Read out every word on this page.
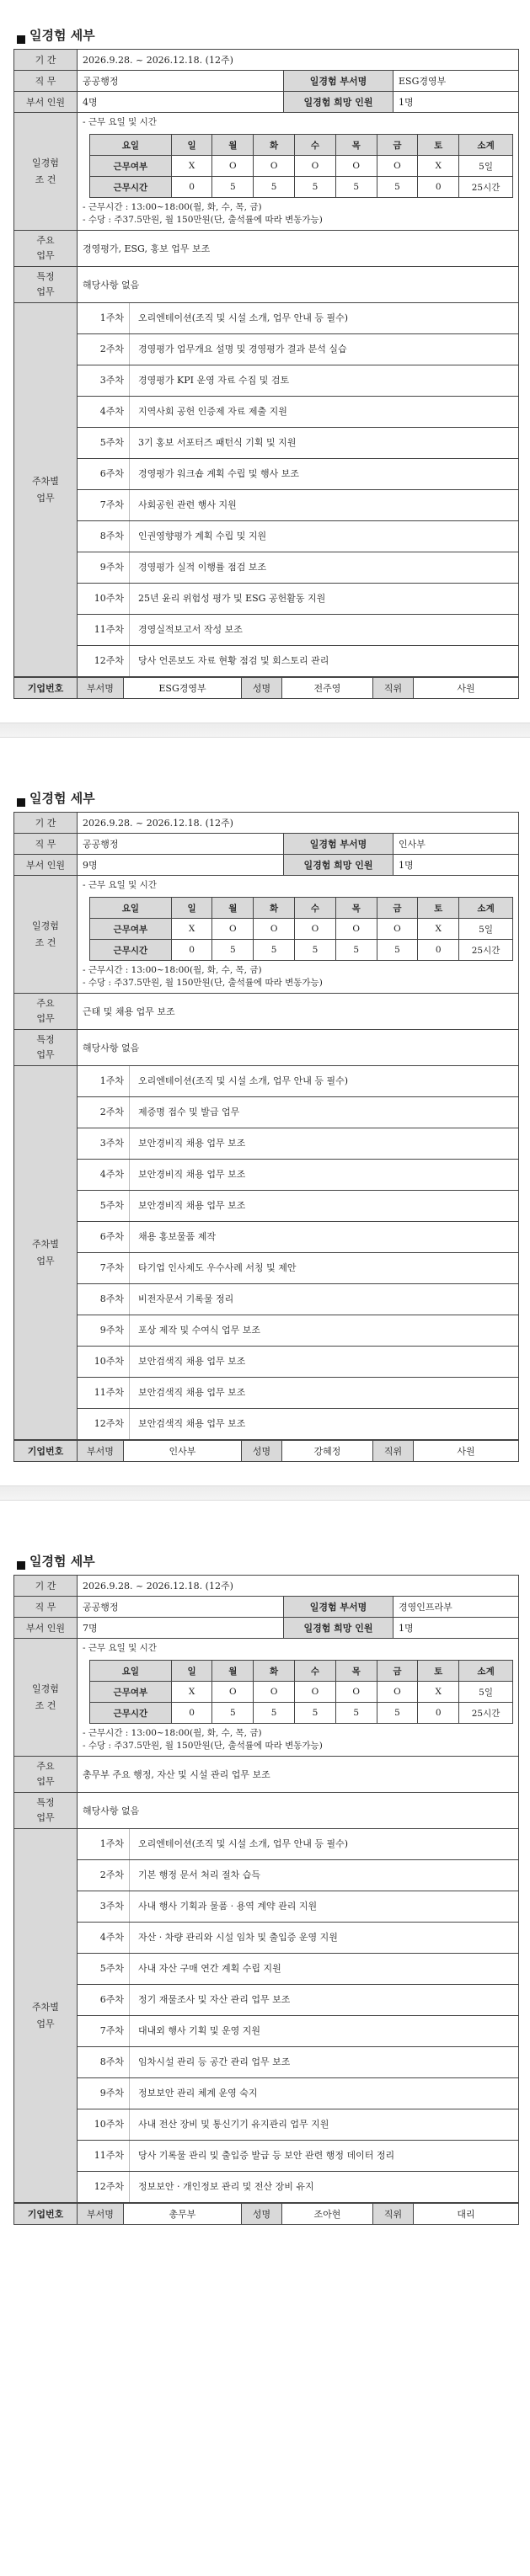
일경험 세부
기 간	2026.9.28. ~ 2026.12.18. (12주)
직 무	공공행정	일경험 부서명	ESG경영부
부서 인원	4명	일경험 희망 인원	1명
일경험
조 건	
- 근무 요일 및 시간
요일	일	월	화	수	목	금	토	소계
근무여부	X	O	O	O	O	O	X	5일
근무시간	0	5	5	5	5	5	0	25시간
- 근무시간 : 13:00~18:00(월, 화, 수, 목, 금)
- 수당 : 주37.5만원, 월 150만원(단, 출석률에 따라 변동가능)

주요
업무	경영평가, ESG, 홍보 업무 보조
특정
업무	해당사항 없음
주차별
업무	
1주차	오리엔테이션(조직 및 시설 소개, 업무 안내 등 필수)

2주차	경영평가 업무개요 설명 및 경영평가 결과 분석 실습

3주차	경영평가 KPI 운영 자료 수집 및 검토

4주차	지역사회 공헌 인증제 자료 제출 지원

5주차	3기 홍보 서포터즈 패턴식 기획 및 지원

6주차	경영평가 워크숍 계획 수립 및 행사 보조

7주차	사회공헌 관련 행사 지원

8주차	인권영향평가 계획 수립 및 지원

9주차	경영평가 실적 이행률 점검 보조

10주차	25년 윤리 위험성 평가 및 ESG 공헌활동 지원

11주차	경영실적보고서 작성 보조

12주차	당사 언론보도 자료 현황 점검 및 회스토리 관리
기업번호	부서명	ESG경영부	성명	전주영	직위	사원
일경험 세부
기 간	2026.9.28. ~ 2026.12.18. (12주)
직 무	공공행정	일경험 부서명	인사부
부서 인원	9명	일경험 희망 인원	1명
일경험
조 건	
- 근무 요일 및 시간
요일	일	월	화	수	목	금	토	소계
근무여부	X	O	O	O	O	O	X	5일
근무시간	0	5	5	5	5	5	0	25시간
- 근무시간 : 13:00~18:00(월, 화, 수, 목, 금)
- 수당 : 주37.5만원, 월 150만원(단, 출석률에 따라 변동가능)

주요
업무	근태 및 채용 업무 보조
특정
업무	해당사항 없음
주차별
업무	
1주차	오리엔테이션(조직 및 시설 소개, 업무 안내 등 필수)

2주차	제증명 접수 및 발급 업무

3주차	보안경비직 채용 업무 보조

4주차	보안경비직 채용 업무 보조

5주차	보안경비직 채용 업무 보조

6주차	채용 홍보물품 제작

7주차	타기업 인사제도 우수사례 서칭 및 제안

8주차	비전자문서 기록물 정리

9주차	포상 제작 및 수여식 업무 보조

10주차	보안검색직 채용 업무 보조

11주차	보안검색직 채용 업무 보조

12주차	보안검색직 채용 업무 보조
기업번호	부서명	인사부	성명	강혜정	직위	사원
일경험 세부
기 간	2026.9.28. ~ 2026.12.18. (12주)
직 무	공공행정	일경험 부서명	경영인프라부
부서 인원	7명	일경험 희망 인원	1명
일경험
조 건	
- 근무 요일 및 시간
요일	일	월	화	수	목	금	토	소계
근무여부	X	O	O	O	O	O	X	5일
근무시간	0	5	5	5	5	5	0	25시간
- 근무시간 : 13:00~18:00(월, 화, 수, 목, 금)
- 수당 : 주37.5만원, 월 150만원(단, 출석률에 따라 변동가능)

주요
업무	총무부 주요 행정, 자산 및 시설 관리 업무 보조
특정
업무	해당사항 없음
주차별
업무	
1주차	오리엔테이션(조직 및 시설 소개, 업무 안내 등 필수)

2주차	기본 행정 문서 처리 절차 습득

3주차	사내 행사 기획과 물품 · 용역 계약 관리 지원

4주차	자산 · 차량 관리와 시설 임차 및 출입증 운영 지원

5주차	사내 자산 구매 연간 계획 수립 지원

6주차	정기 재물조사 및 자산 관리 업무 보조

7주차	대내외 행사 기획 및 운영 지원

8주차	임차시설 관리 등 공간 관리 업무 보조

9주차	정보보안 관리 체계 운영 숙지

10주차	사내 전산 장비 및 통신기기 유지관리 업무 지원

11주차	당사 기록물 관리 및 출입증 발급 등 보안 관련 행정 데이터 정리

12주차	정보보안 · 개인정보 관리 및 전산 장비 유지
기업번호	부서명	총무부	성명	조아현	직위	대리
